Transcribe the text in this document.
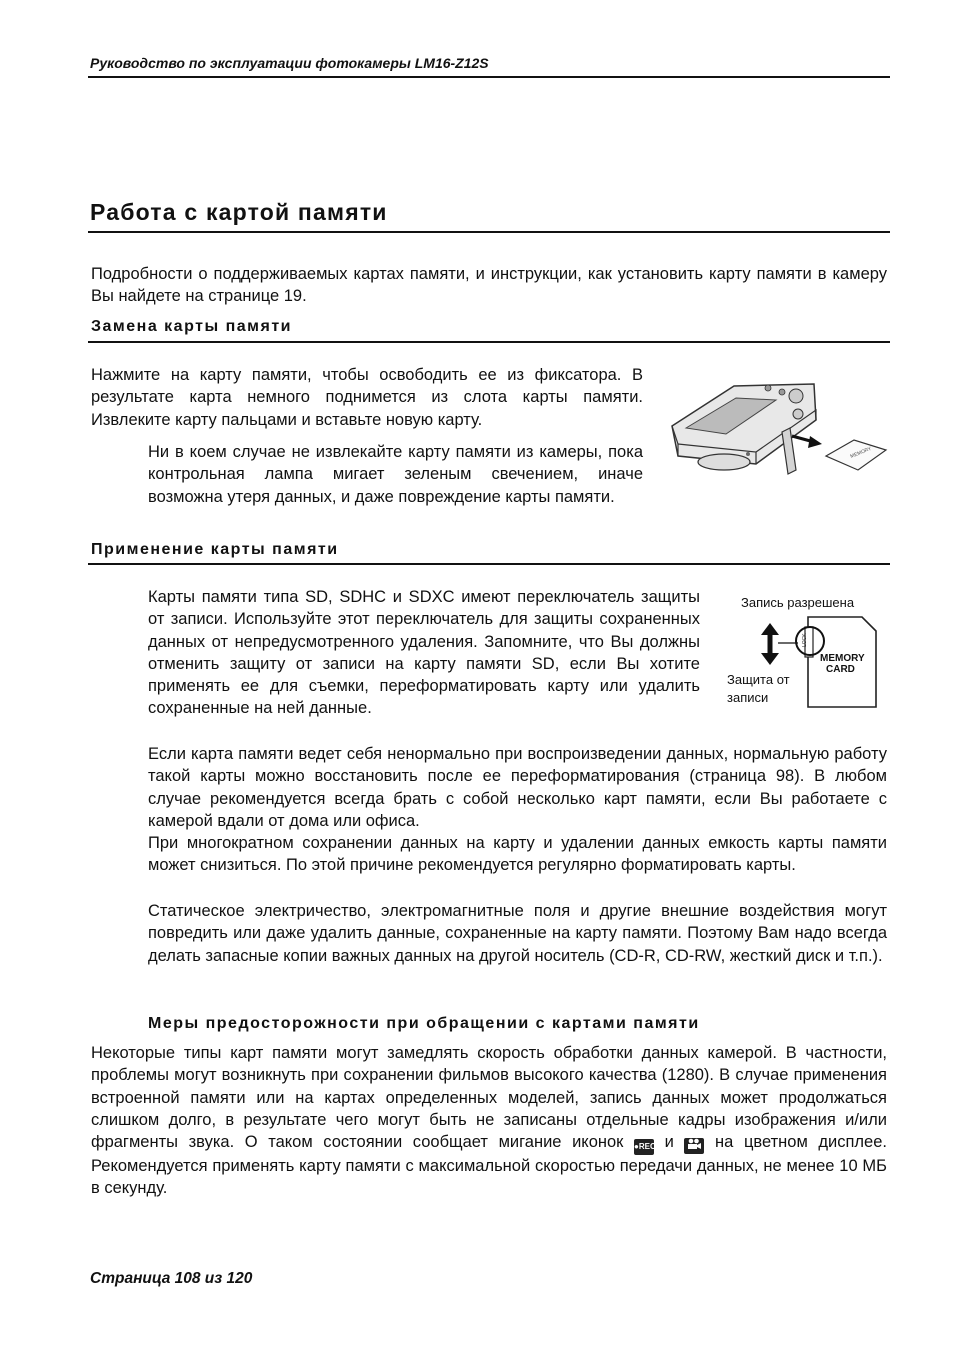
Руководство по эксплуатации фотокамеры LM16-Z12S
Работа с картой памяти
Подробности о поддерживаемых картах памяти, и инструкции, как установить карту памяти в камеру Вы найдете на странице 19.
Замена карты памяти
Нажмите на карту памяти, чтобы освободить ее из фиксатора. В результате карта немного поднимется из слота карты памяти. Извлеките карту пальцами и вставьте новую карту.
Ни в коем случае не извлекайте карту памяти из камеры, пока контрольная лампа мигает зеленым свечением, иначе возможна утеря данных, и даже повреждение карты памяти.
MEMORY
Применение карты памяти
Карты памяти типа SD, SDHC и SDXC имеют переключатель защиты от записи. Используйте этот переключатель для защиты сохраненных данных от непредусмотренного удаления. Запомните, что Вы должны отменить защиту от записи на карту памяти SD, если Вы хотите применять ее для съемки, переформатировать карту или удалить сохраненные на ней данные.
Запись разрешена
Защита от
записи
LOCK
MEMORY
CARD
Если карта памяти ведет себя ненормально при воспроизведении данных, нормальную работу такой карты можно восстановить после ее переформатирования (страница 98). В любом случае рекомендуется всегда брать с собой несколько карт памяти, если Вы работаете с камерой вдали от дома или офиса.
При многократном сохранении данных на карту и удалении данных емкость карты памяти может снизиться. По этой причине рекомендуется регулярно форматировать карты.
Статическое электричество, электромагнитные поля и другие внешние воздействия могут повредить или даже удалить данные, сохраненные на карту памяти. Поэтому Вам надо всегда делать запасные копии важных данных на другой носитель (CD-R, CD-RW, жесткий диск и т.п.).
Меры предосторожности при обращении с картами памяти
Некоторые типы карт памяти могут замедлять скорость обработки данных камерой. В частности, проблемы могут возникнуть при сохранении фильмов высокого качества (1280). В случае применения встроенной памяти или на картах определенных моделей, запись данных может продолжаться слишком долго, в результате чего могут быть не записаны отдельные кадры изображения и/или фрагменты звука. О таком состоянии сообщает мигание иконок ●REC и  на цветном дисплее. Рекомендуется применять карту памяти с максимальной скоростью передачи данных, не менее 10 МБ в секунду.
Страница 108 из 120
